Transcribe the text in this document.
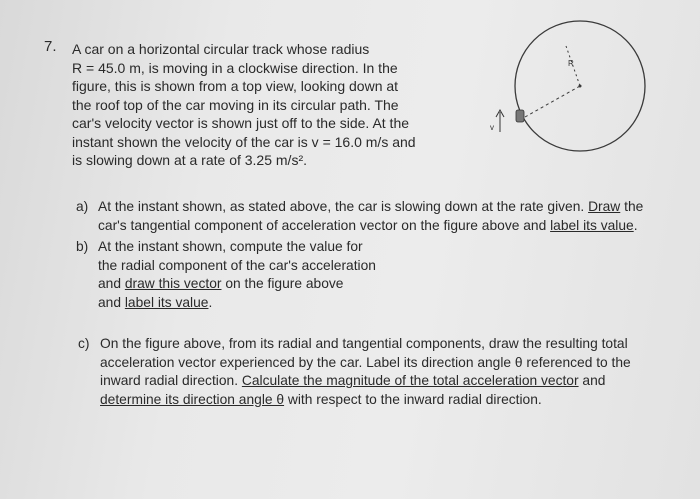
7. A car on a horizontal circular track whose radius
R = 45.0 m, is moving in a clockwise direction. In the
figure, this is shown from a top view, looking down at
the roof top of the car moving in its circular path. The
car's velocity vector is shown just off to the side. At the
instant shown the velocity of the car is v = 16.0 m/s and
is slowing down at a rate of 3.25 m/s².
R
v
a) At the instant shown, as stated above, the car is slowing down at the rate given. Draw the
car's tangential component of acceleration vector on the figure above and label its value.
b) At the instant shown, compute the value for
the radial component of the car's acceleration
and draw this vector on the figure above
and label its value.
c) On the figure above, from its radial and tangential components, draw the resulting total
acceleration vector experienced by the car. Label its direction angle θ referenced to the
inward radial direction. Calculate the magnitude of the total acceleration vector and
determine its direction angle θ with respect to the inward radial direction.
